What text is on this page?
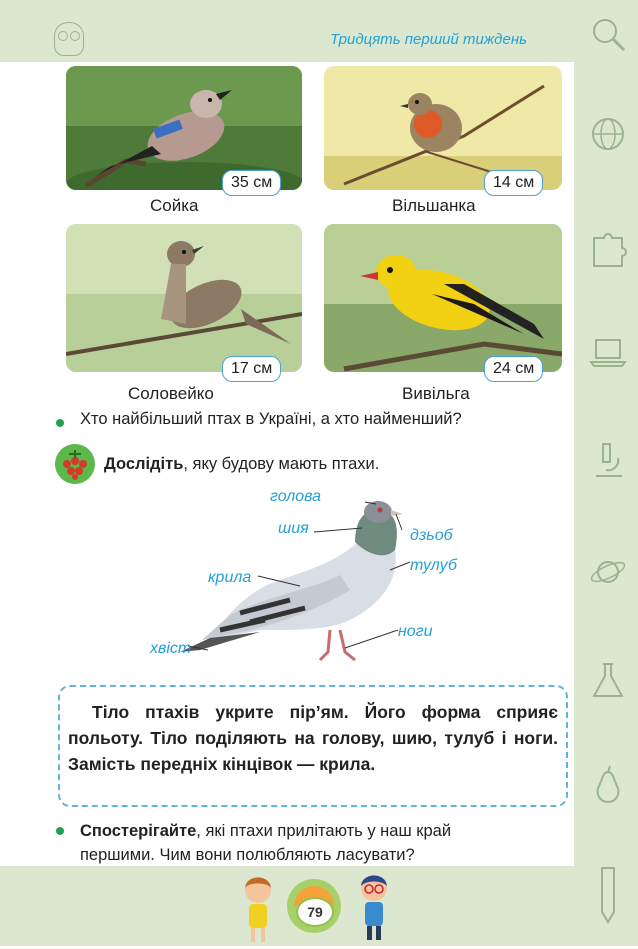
Тридцять перший тиждень
35 см
Сойка
14 см
Вільшанка
17 см
Соловейко
24 см
Вивільга
Хто найбільший птах в Україні, а хто найменший?
Дослідіть, яку будову мають птахи.
голова
шия	дзьоб
тулуб
крила
ноги
хвіст
Тіло птахів укрите пір’ям. Його форма сприяє польоту. Тіло поділяють на голову, шию, тулуб і ноги. Замість передніх кінцівок — крила.
Спостерігайте, які птахи прилітають у наш край
першими. Чим вони полюбляють ласувати?
79
